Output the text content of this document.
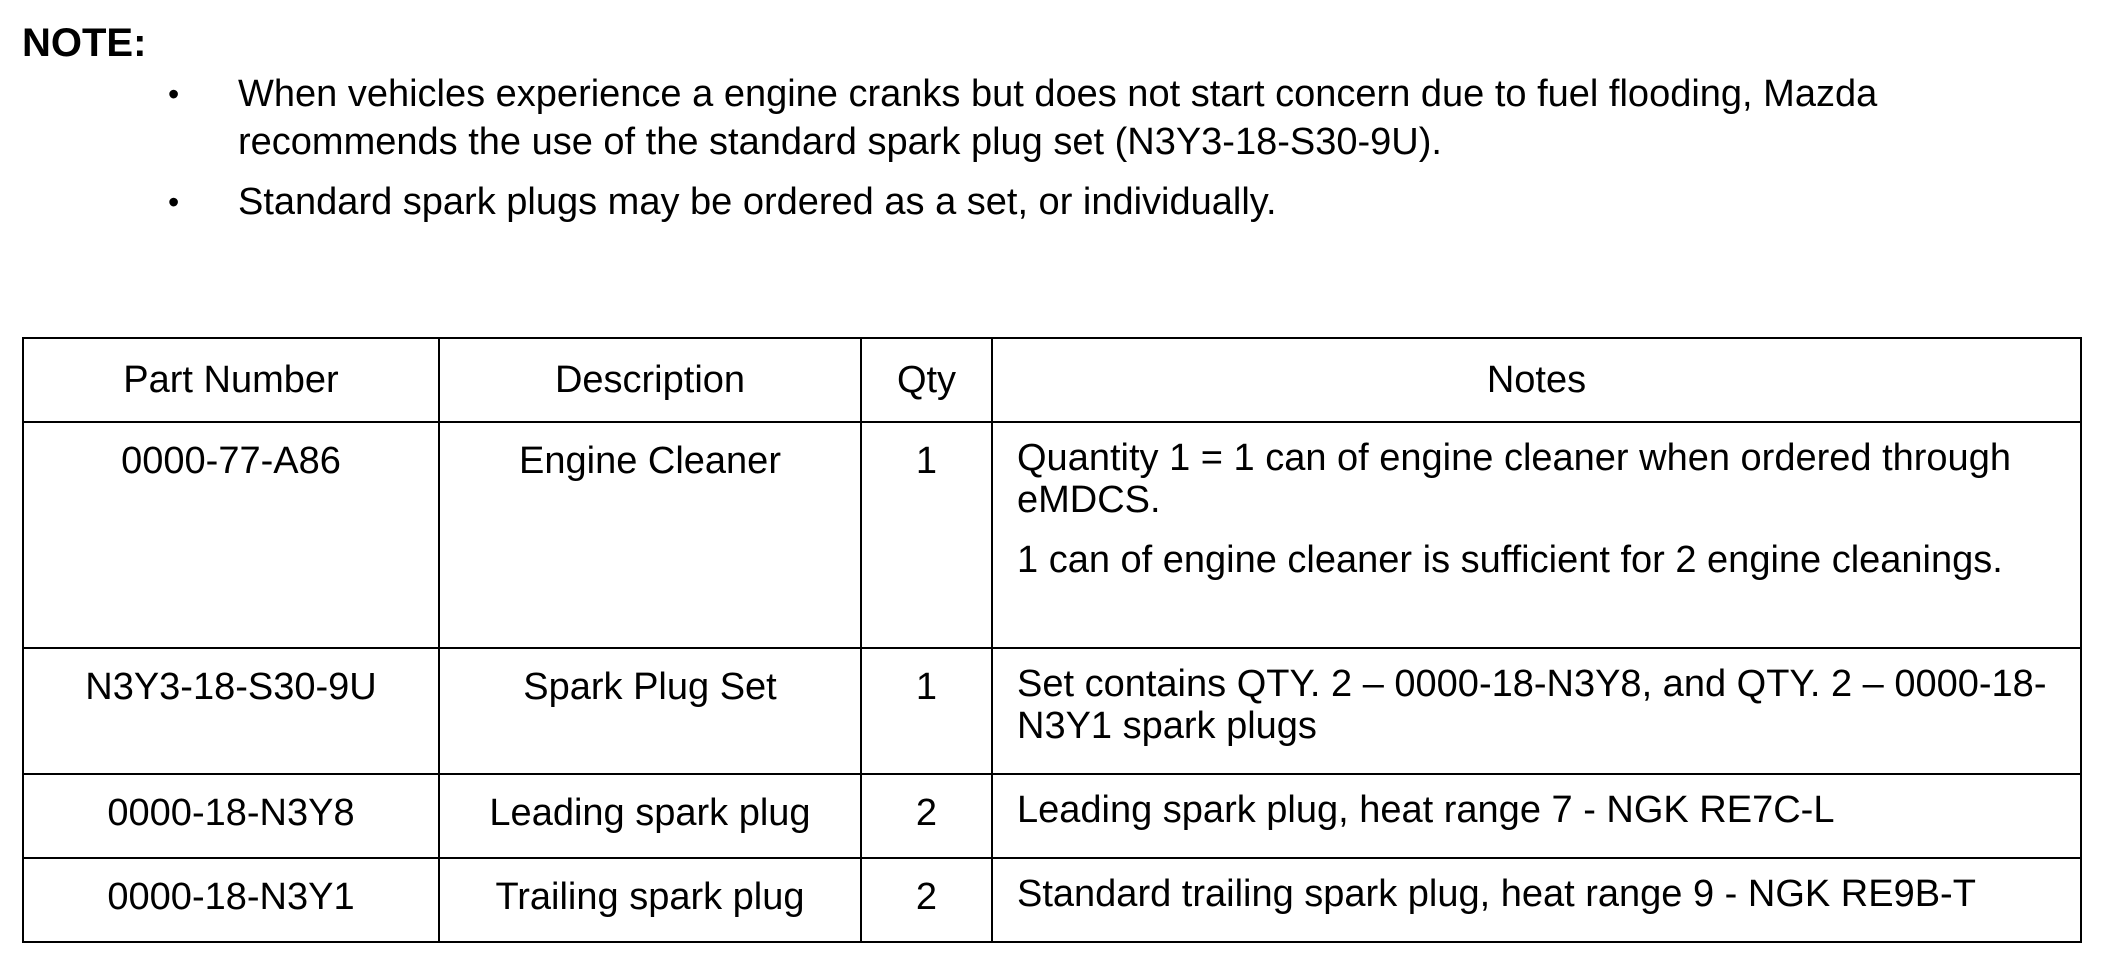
NOTE:
• When vehicles experience a engine cranks but does not start concern due to fuel flooding, Mazda recommends the use of the standard spark plug set (N3Y3-18-S30-9U).
• Standard spark plugs may be ordered as a set, or individually.
Part Number	Description	Qty	Notes
0000-77-A86	Engine Cleaner	1	Quantity 1 = 1 can of engine cleaner when ordered through eMDCS.

1 can of engine cleaner is sufficient for 2 engine cleanings.

N3Y3-18-S30-9U	Spark Plug Set	1	Set contains QTY. 2 – 0000-18-N3Y8, and QTY. 2 – 0000-18-N3Y1 spark plugs

0000-18-N3Y8	Leading spark plug	2	Leading spark plug, heat range 7 - NGK RE7C-L

0000-18-N3Y1	Trailing spark plug	2	Standard trailing spark plug, heat range 9 - NGK RE9B-T
